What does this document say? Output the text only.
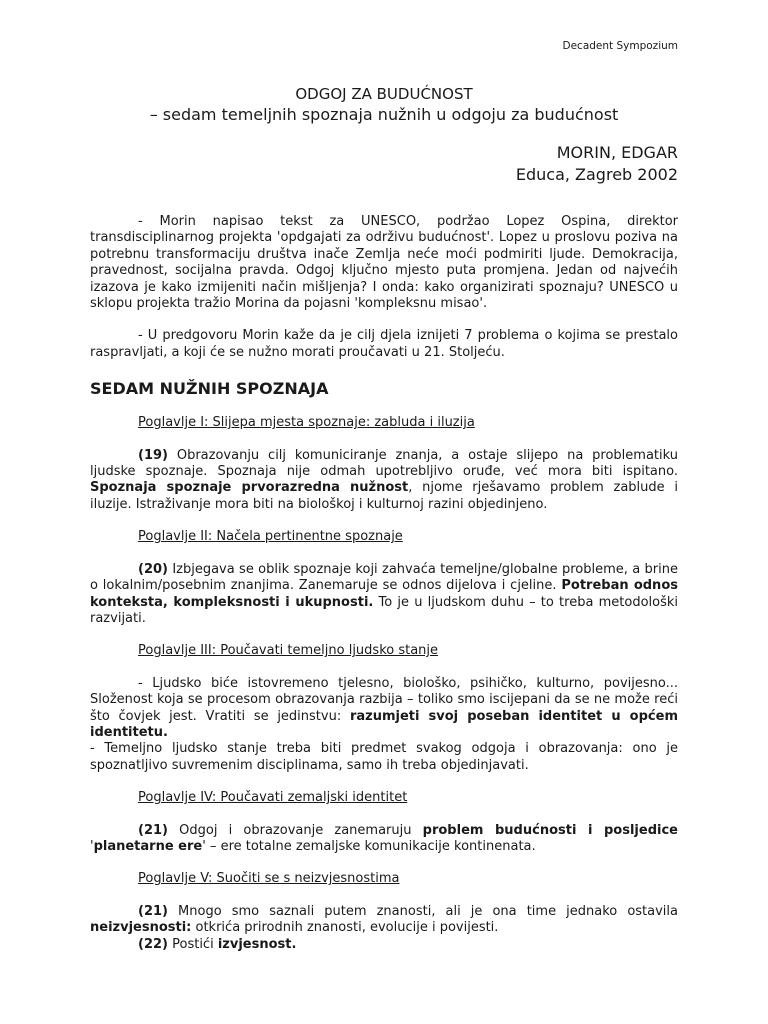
Decadent Sympozium
ODGOJ ZA BUDUĆNOST
– sedam temeljnih spoznaja nužnih u odgoju za budućnost
MORIN, EDGAR
Educa, Zagreb 2002

- Morin napisao tekst za UNESCO, podržao Lopez Ospina, direktor transdisciplinarnog projekta 'opdgajati za održivu budućnost'. Lopez u proslovu poziva na potrebnu transformaciju društva inače Zemlja neće moći podmiriti ljude. Demokracija, pravednost, socijalna pravda. Odgoj ključno mjesto puta promjena. Jedan od najvećih izazova je kako izmijeniti način mišljenja? I onda: kako organizirati spoznaju? UNESCO u sklopu projekta tražio Morina da pojasni 'kompleksnu misao'.

- U predgovoru Morin kaže da je cilj djela iznijeti 7 problema o kojima se prestalo raspravljati, a koji će se nužno morati proučavati u 21. Stoljeću.

SEDAM NUŽNIH SPOZNAJA

Poglavlje I: Slijepa mjesta spoznaje: zabluda i iluzija

(19) Obrazovanju cilj komuniciranje znanja, a ostaje slijepo na problematiku ljudske spoznaje. Spoznaja nije odmah upotrebljivo oruđe, već mora biti ispitano. Spoznaja spoznaje prvorazredna nužnost, njome rješavamo problem zablude i iluzije. Istraživanje mora biti na biološkoj i kulturnoj razini objedinjeno.

Poglavlje II: Načela pertinentne spoznaje

(20) Izbjegava se oblik spoznaje koji zahvaća temeljne/globalne probleme, a brine o lokalnim/posebnim znanjima. Zanemaruje se odnos dijelova i cjeline. Potreban odnos konteksta, kompleksnosti i ukupnosti. To je u ljudskom duhu – to treba metodološki razvijati.

Poglavlje III: Poučavati temeljno ljudsko stanje

- Ljudsko biće istovremeno tjelesno, biološko, psihičko, kulturno, povijesno... Složenost koja se procesom obrazovanja razbija – toliko smo iscijepani da se ne može reći što čovjek jest. Vratiti se jedinstvu: razumjeti svoj poseban identitet u općem identitetu.

- Temeljno ljudsko stanje treba biti predmet svakog odgoja i obrazovanja: ono je spoznatljivo suvremenim disciplinama, samo ih treba objedinjavati.

Poglavlje IV: Poučavati zemaljski identitet

(21) Odgoj i obrazovanje zanemaruju problem budućnosti i posljedice 'planetarne ere' – ere totalne zemaljske komunikacije kontinenata.

Poglavlje V: Suočiti se s neizvjesnostima

(21) Mnogo smo saznali putem znanosti, ali je ona time jednako ostavila neizvjesnosti: otkrića prirodnih znanosti, evolucije i povijesti.

(22) Postići izvjesnost.
